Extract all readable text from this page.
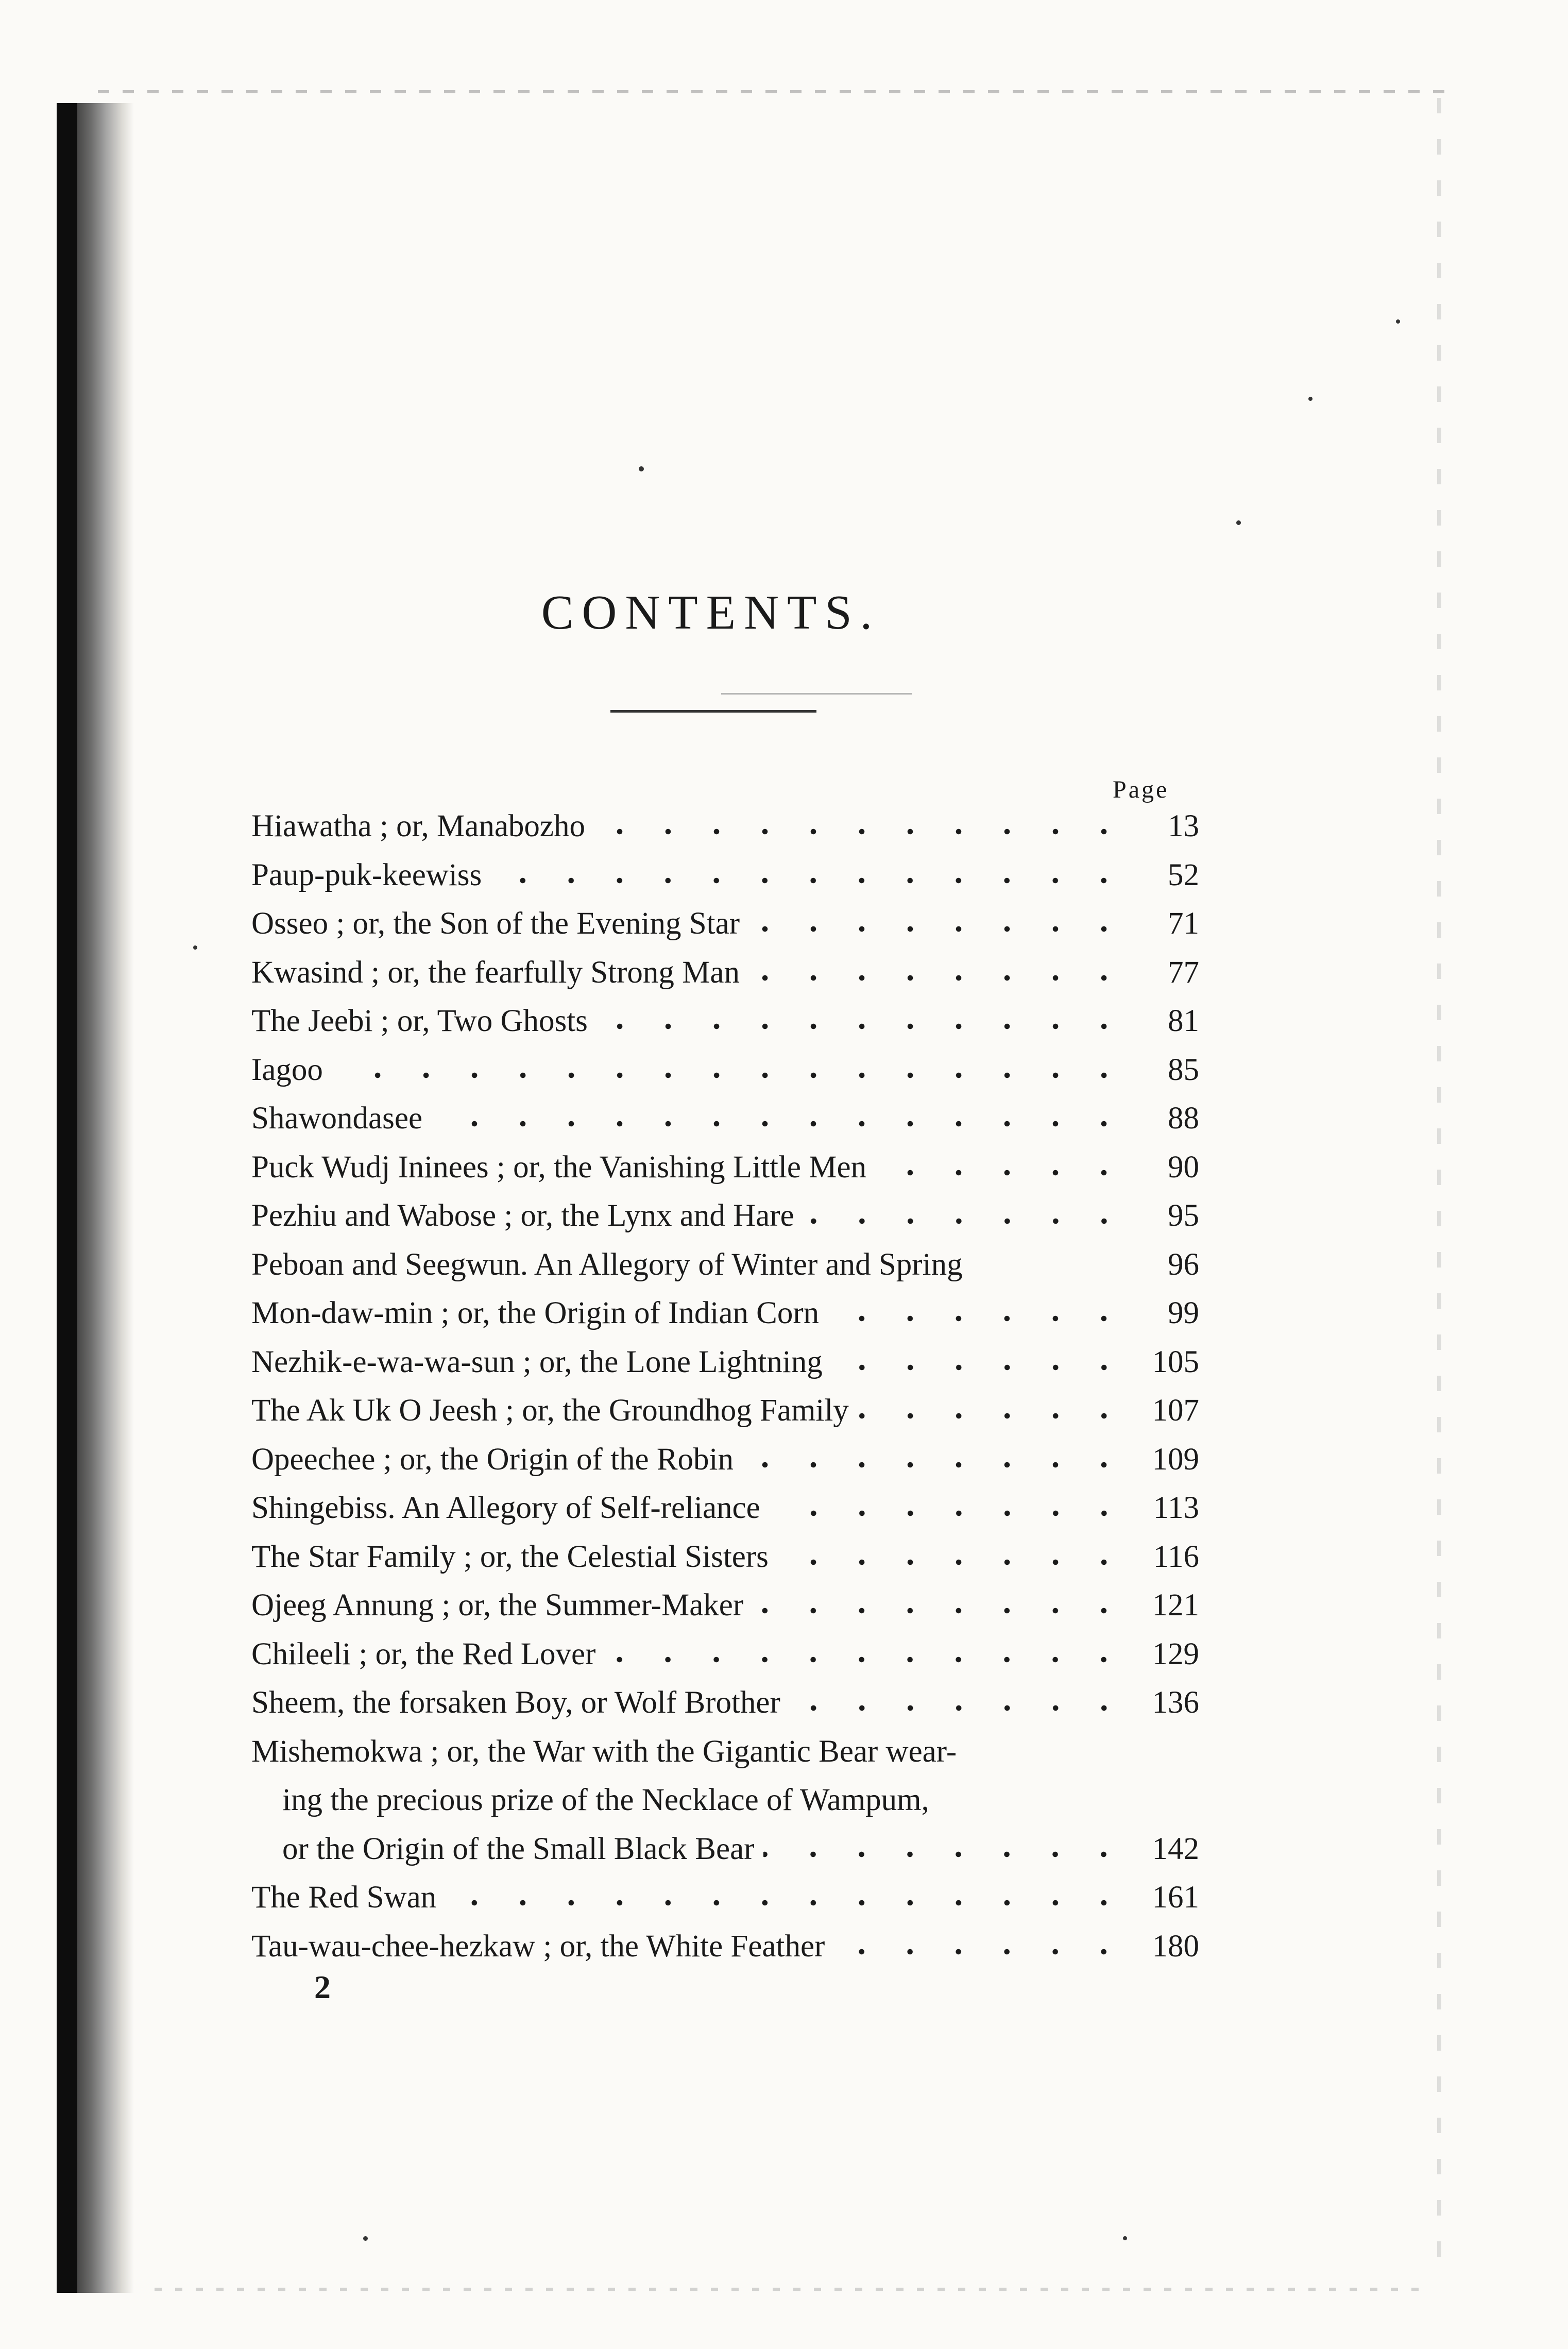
CONTENTS.
Page
Hiawatha ; or, Manabozho	13
Paup-puk-keewiss	52
Osseo ; or, the Son of the Evening Star	71
Kwasind ; or, the fearfully Strong Man	77
The Jeebi ; or, Two Ghosts	81
Iagoo	85
Shawondasee	88
Puck Wudj Ininees ; or, the Vanishing Little Men	90
Pezhiu and Wabose ; or, the Lynx and Hare	95
Peboan and Seegwun. An Allegory of Winter and Spring	96
Mon-daw-min ; or, the Origin of Indian Corn	99
Nezhik-e-wa-wa-sun ; or, the Lone Lightning	105
The Ak Uk O Jeesh ; or, the Groundhog Family	107
Opeechee ; or, the Origin of the Robin	109
Shingebiss. An Allegory of Self-reliance	113
The Star Family ; or, the Celestial Sisters	116
Ojeeg Annung ; or, the Summer-Maker	121
Chileeli ; or, the Red Lover	129
Sheem, the forsaken Boy, or Wolf Brother	136
Mishemokwa ; or, the War with the Gigantic Bear wear-
ing the precious prize of the Necklace of Wampum,
or the Origin of the Small Black Bear	142
The Red Swan	161
Tau-wau-chee-hezkaw ; or, the White Feather	180
2
